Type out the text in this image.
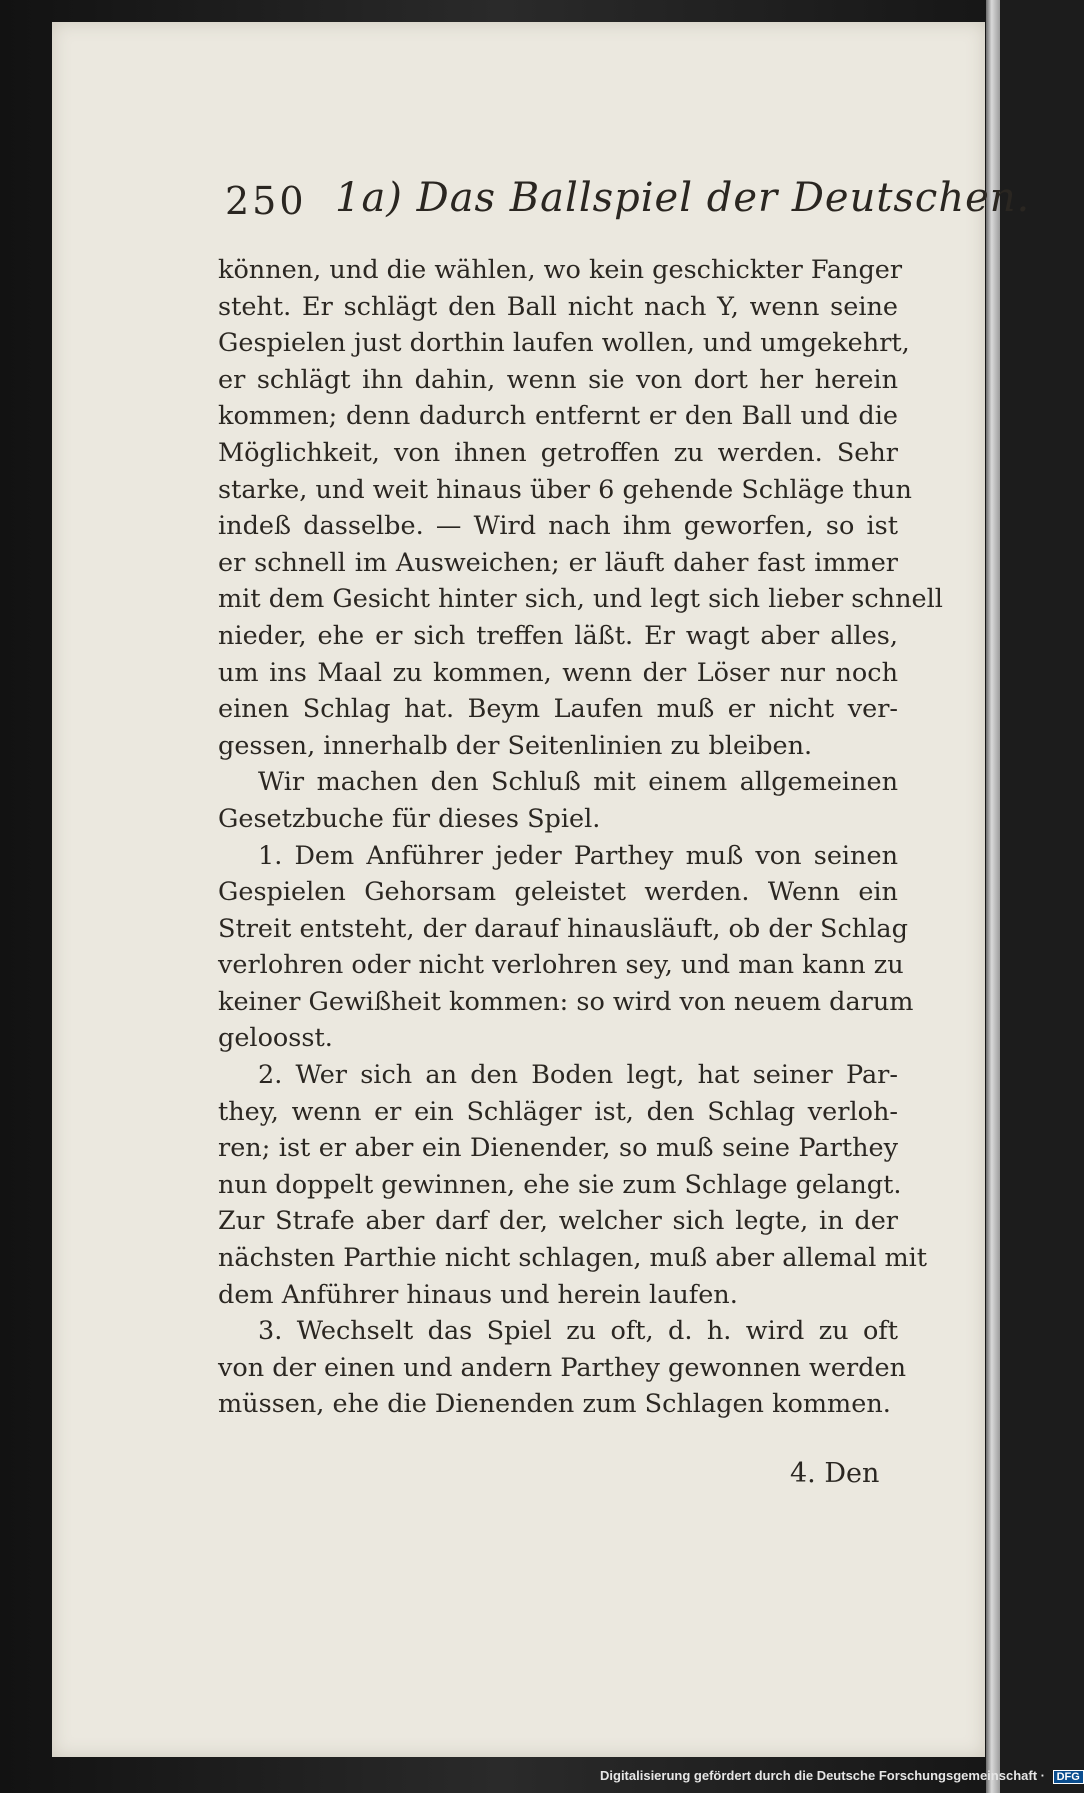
250 1a) Das Ballspiel der Deutschen.
können, und die wählen, wo kein geschickter Fanger
steht. Er schlägt den Ball nicht nach Y, wenn seine
Gespielen just dorthin laufen wollen, und umgekehrt,
er schlägt ihn dahin, wenn sie von dort her herein
kommen; denn dadurch entfernt er den Ball und die
Möglichkeit, von ihnen getroffen zu werden. Sehr
starke, und weit hinaus über 6 gehende Schläge thun
indeß dasselbe. — Wird nach ihm geworfen, so ist
er schnell im Ausweichen; er läuft daher fast immer
mit dem Gesicht hinter sich, und legt sich lieber schnell
nieder, ehe er sich treffen läßt. Er wagt aber alles,
um ins Maal zu kommen, wenn der Löser nur noch
einen Schlag hat. Beym Laufen muß er nicht ver-
gessen, innerhalb der Seitenlinien zu bleiben.
Wir machen den Schluß mit einem allgemeinen
Gesetzbuche für dieses Spiel.
1. Dem Anführer jeder Parthey muß von seinen
Gespielen Gehorsam geleistet werden. Wenn ein
Streit entsteht, der darauf hinausläuft, ob der Schlag
verlohren oder nicht verlohren sey, und man kann zu
keiner Gewißheit kommen: so wird von neuem darum
geloosst.
2. Wer sich an den Boden legt, hat seiner Par-
they, wenn er ein Schläger ist, den Schlag verloh-
ren; ist er aber ein Dienender, so muß seine Parthey
nun doppelt gewinnen, ehe sie zum Schlage gelangt.
Zur Strafe aber darf der, welcher sich legte, in der
nächsten Parthie nicht schlagen, muß aber allemal mit
dem Anführer hinaus und herein laufen.
3. Wechselt das Spiel zu oft, d. h. wird zu oft
von der einen und andern Parthey gewonnen werden
müssen, ehe die Dienenden zum Schlagen kommen.
4. Den
Digitalisierung gefördert durch die Deutsche Forschungsgemeinschaft · DFG
